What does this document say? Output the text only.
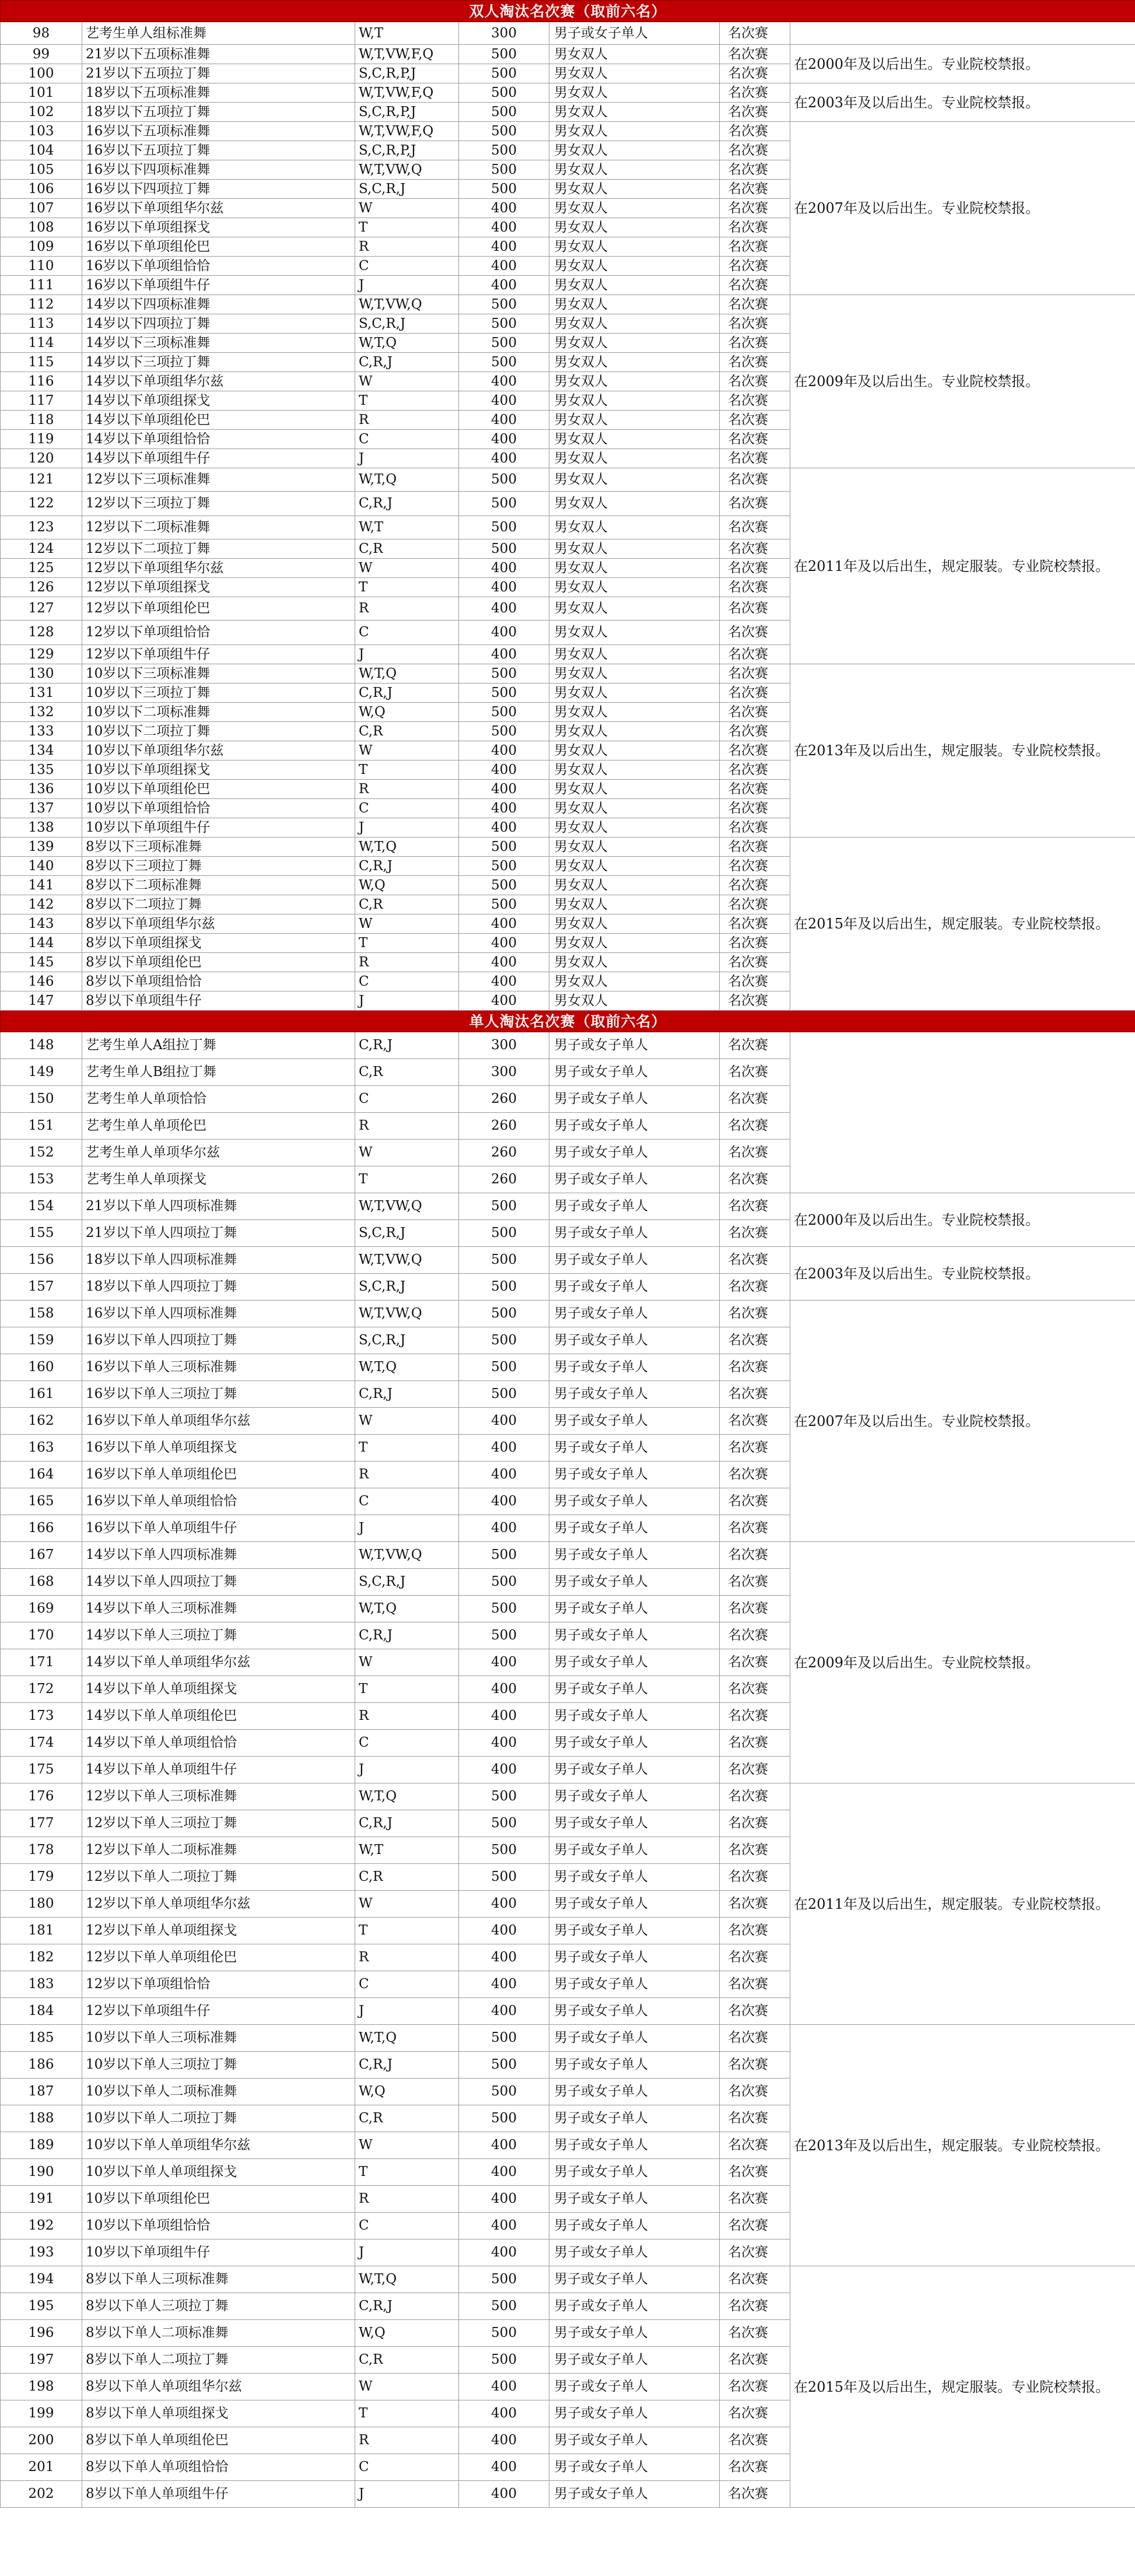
双人淘汰名次赛（取前六名）						
98	艺考生单人组标准舞	W,T	300	男子或女子单人	名次赛	
99	21岁以下五项标准舞	W,T,VW,F,Q	500	男女双人	名次赛	在2000年及以后出生。专业院校禁报。
100	21岁以下五项拉丁舞	S,C,R,P,J	500	男女双人	名次赛	
101	18岁以下五项标准舞	W,T,VW,F,Q	500	男女双人	名次赛	在2003年及以后出生。专业院校禁报。
102	18岁以下五项拉丁舞	S,C,R,P,J	500	男女双人	名次赛	
103	16岁以下五项标准舞	W,T,VW,F,Q	500	男女双人	名次赛	在2007年及以后出生。专业院校禁报。
104	16岁以下五项拉丁舞	S,C,R,P,J	500	男女双人	名次赛	
105	16岁以下四项标准舞	W,T,VW,Q	500	男女双人	名次赛	
106	16岁以下四项拉丁舞	S,C,R,J	500	男女双人	名次赛	
107	16岁以下单项组华尔兹	W	400	男女双人	名次赛	
108	16岁以下单项组探戈	T	400	男女双人	名次赛	
109	16岁以下单项组伦巴	R	400	男女双人	名次赛	
110	16岁以下单项组恰恰	C	400	男女双人	名次赛	
111	16岁以下单项组牛仔	J	400	男女双人	名次赛	
112	14岁以下四项标准舞	W,T,VW,Q	500	男女双人	名次赛	在2009年及以后出生。专业院校禁报。
113	14岁以下四项拉丁舞	S,C,R,J	500	男女双人	名次赛	
114	14岁以下三项标准舞	W,T,Q	500	男女双人	名次赛	
115	14岁以下三项拉丁舞	C,R,J	500	男女双人	名次赛	
116	14岁以下单项组华尔兹	W	400	男女双人	名次赛	
117	14岁以下单项组探戈	T	400	男女双人	名次赛	
118	14岁以下单项组伦巴	R	400	男女双人	名次赛	
119	14岁以下单项组恰恰	C	400	男女双人	名次赛	
120	14岁以下单项组牛仔	J	400	男女双人	名次赛	
121	12岁以下三项标准舞	W,T,Q	500	男女双人	名次赛	在2011年及以后出生，规定服装。专业院校禁报。
122	12岁以下三项拉丁舞	C,R,J	500	男女双人	名次赛	
123	12岁以下二项标准舞	W,T	500	男女双人	名次赛	
124	12岁以下二项拉丁舞	C,R	500	男女双人	名次赛	
125	12岁以下单项组华尔兹	W	400	男女双人	名次赛	
126	12岁以下单项组探戈	T	400	男女双人	名次赛	
127	12岁以下单项组伦巴	R	400	男女双人	名次赛	
128	12岁以下单项组恰恰	C	400	男女双人	名次赛	
129	12岁以下单项组牛仔	J	400	男女双人	名次赛	
130	10岁以下三项标准舞	W,T,Q	500	男女双人	名次赛	在2013年及以后出生，规定服装。专业院校禁报。
131	10岁以下三项拉丁舞	C,R,J	500	男女双人	名次赛	
132	10岁以下二项标准舞	W,Q	500	男女双人	名次赛	
133	10岁以下二项拉丁舞	C,R	500	男女双人	名次赛	
134	10岁以下单项组华尔兹	W	400	男女双人	名次赛	
135	10岁以下单项组探戈	T	400	男女双人	名次赛	
136	10岁以下单项组伦巴	R	400	男女双人	名次赛	
137	10岁以下单项组恰恰	C	400	男女双人	名次赛	
138	10岁以下单项组牛仔	J	400	男女双人	名次赛	
139	8岁以下三项标准舞	W,T,Q	500	男女双人	名次赛	在2015年及以后出生，规定服装。专业院校禁报。
140	8岁以下三项拉丁舞	C,R,J	500	男女双人	名次赛	
141	8岁以下二项标准舞	W,Q	500	男女双人	名次赛	
142	8岁以下二项拉丁舞	C,R	500	男女双人	名次赛	
143	8岁以下单项组华尔兹	W	400	男女双人	名次赛	
144	8岁以下单项组探戈	T	400	男女双人	名次赛	
145	8岁以下单项组伦巴	R	400	男女双人	名次赛	
146	8岁以下单项组恰恰	C	400	男女双人	名次赛	
147	8岁以下单项组牛仔	J	400	男女双人	名次赛	
单人淘汰名次赛（取前六名）						
148	艺考生单人A组拉丁舞	C,R,J	300	男子或女子单人	名次赛	
149	艺考生单人B组拉丁舞	C,R	300	男子或女子单人	名次赛	
150	艺考生单人单项恰恰	C	260	男子或女子单人	名次赛	
151	艺考生单人单项伦巴	R	260	男子或女子单人	名次赛	
152	艺考生单人单项华尔兹	W	260	男子或女子单人	名次赛	
153	艺考生单人单项探戈	T	260	男子或女子单人	名次赛	
154	21岁以下单人四项标准舞	W,T,VW,Q	500	男子或女子单人	名次赛	在2000年及以后出生。专业院校禁报。
155	21岁以下单人四项拉丁舞	S,C,R,J	500	男子或女子单人	名次赛	
156	18岁以下单人四项标准舞	W,T,VW,Q	500	男子或女子单人	名次赛	在2003年及以后出生。专业院校禁报。
157	18岁以下单人四项拉丁舞	S,C,R,J	500	男子或女子单人	名次赛	
158	16岁以下单人四项标准舞	W,T,VW,Q	500	男子或女子单人	名次赛	在2007年及以后出生。专业院校禁报。
159	16岁以下单人四项拉丁舞	S,C,R,J	500	男子或女子单人	名次赛	
160	16岁以下单人三项标准舞	W,T,Q	500	男子或女子单人	名次赛	
161	16岁以下单人三项拉丁舞	C,R,J	500	男子或女子单人	名次赛	
162	16岁以下单人单项组华尔兹	W	400	男子或女子单人	名次赛	
163	16岁以下单人单项组探戈	T	400	男子或女子单人	名次赛	
164	16岁以下单人单项组伦巴	R	400	男子或女子单人	名次赛	
165	16岁以下单人单项组恰恰	C	400	男子或女子单人	名次赛	
166	16岁以下单人单项组牛仔	J	400	男子或女子单人	名次赛	
167	14岁以下单人四项标准舞	W,T,VW,Q	500	男子或女子单人	名次赛	在2009年及以后出生。专业院校禁报。
168	14岁以下单人四项拉丁舞	S,C,R,J	500	男子或女子单人	名次赛	
169	14岁以下单人三项标准舞	W,T,Q	500	男子或女子单人	名次赛	
170	14岁以下单人三项拉丁舞	C,R,J	500	男子或女子单人	名次赛	
171	14岁以下单人单项组华尔兹	W	400	男子或女子单人	名次赛	
172	14岁以下单人单项组探戈	T	400	男子或女子单人	名次赛	
173	14岁以下单人单项组伦巴	R	400	男子或女子单人	名次赛	
174	14岁以下单人单项组恰恰	C	400	男子或女子单人	名次赛	
175	14岁以下单人单项组牛仔	J	400	男子或女子单人	名次赛	
176	12岁以下单人三项标准舞	W,T,Q	500	男子或女子单人	名次赛	在2011年及以后出生，规定服装。专业院校禁报。
177	12岁以下单人三项拉丁舞	C,R,J	500	男子或女子单人	名次赛	
178	12岁以下单人二项标准舞	W,T	500	男子或女子单人	名次赛	
179	12岁以下单人二项拉丁舞	C,R	500	男子或女子单人	名次赛	
180	12岁以下单人单项组华尔兹	W	400	男子或女子单人	名次赛	
181	12岁以下单人单项组探戈	T	400	男子或女子单人	名次赛	
182	12岁以下单人单项组伦巴	R	400	男子或女子单人	名次赛	
183	12岁以下单项组恰恰	C	400	男子或女子单人	名次赛	
184	12岁以下单项组牛仔	J	400	男子或女子单人	名次赛	
185	10岁以下单人三项标准舞	W,T,Q	500	男子或女子单人	名次赛	在2013年及以后出生，规定服装。专业院校禁报。
186	10岁以下单人三项拉丁舞	C,R,J	500	男子或女子单人	名次赛	
187	10岁以下单人二项标准舞	W,Q	500	男子或女子单人	名次赛	
188	10岁以下单人二项拉丁舞	C,R	500	男子或女子单人	名次赛	
189	10岁以下单人单项组华尔兹	W	400	男子或女子单人	名次赛	
190	10岁以下单人单项组探戈	T	400	男子或女子单人	名次赛	
191	10岁以下单项组伦巴	R	400	男子或女子单人	名次赛	
192	10岁以下单项组恰恰	C	400	男子或女子单人	名次赛	
193	10岁以下单项组牛仔	J	400	男子或女子单人	名次赛	
194	8岁以下单人三项标准舞	W,T,Q	500	男子或女子单人	名次赛	在2015年及以后出生，规定服装。专业院校禁报。
195	8岁以下单人三项拉丁舞	C,R,J	500	男子或女子单人	名次赛	
196	8岁以下单人二项标准舞	W,Q	500	男子或女子单人	名次赛	
197	8岁以下单人二项拉丁舞	C,R	500	男子或女子单人	名次赛	
198	8岁以下单人单项组华尔兹	W	400	男子或女子单人	名次赛	
199	8岁以下单人单项组探戈	T	400	男子或女子单人	名次赛	
200	8岁以下单人单项组伦巴	R	400	男子或女子单人	名次赛	
201	8岁以下单人单项组恰恰	C	400	男子或女子单人	名次赛	
202	8岁以下单人单项组牛仔	J	400	男子或女子单人	名次赛	
